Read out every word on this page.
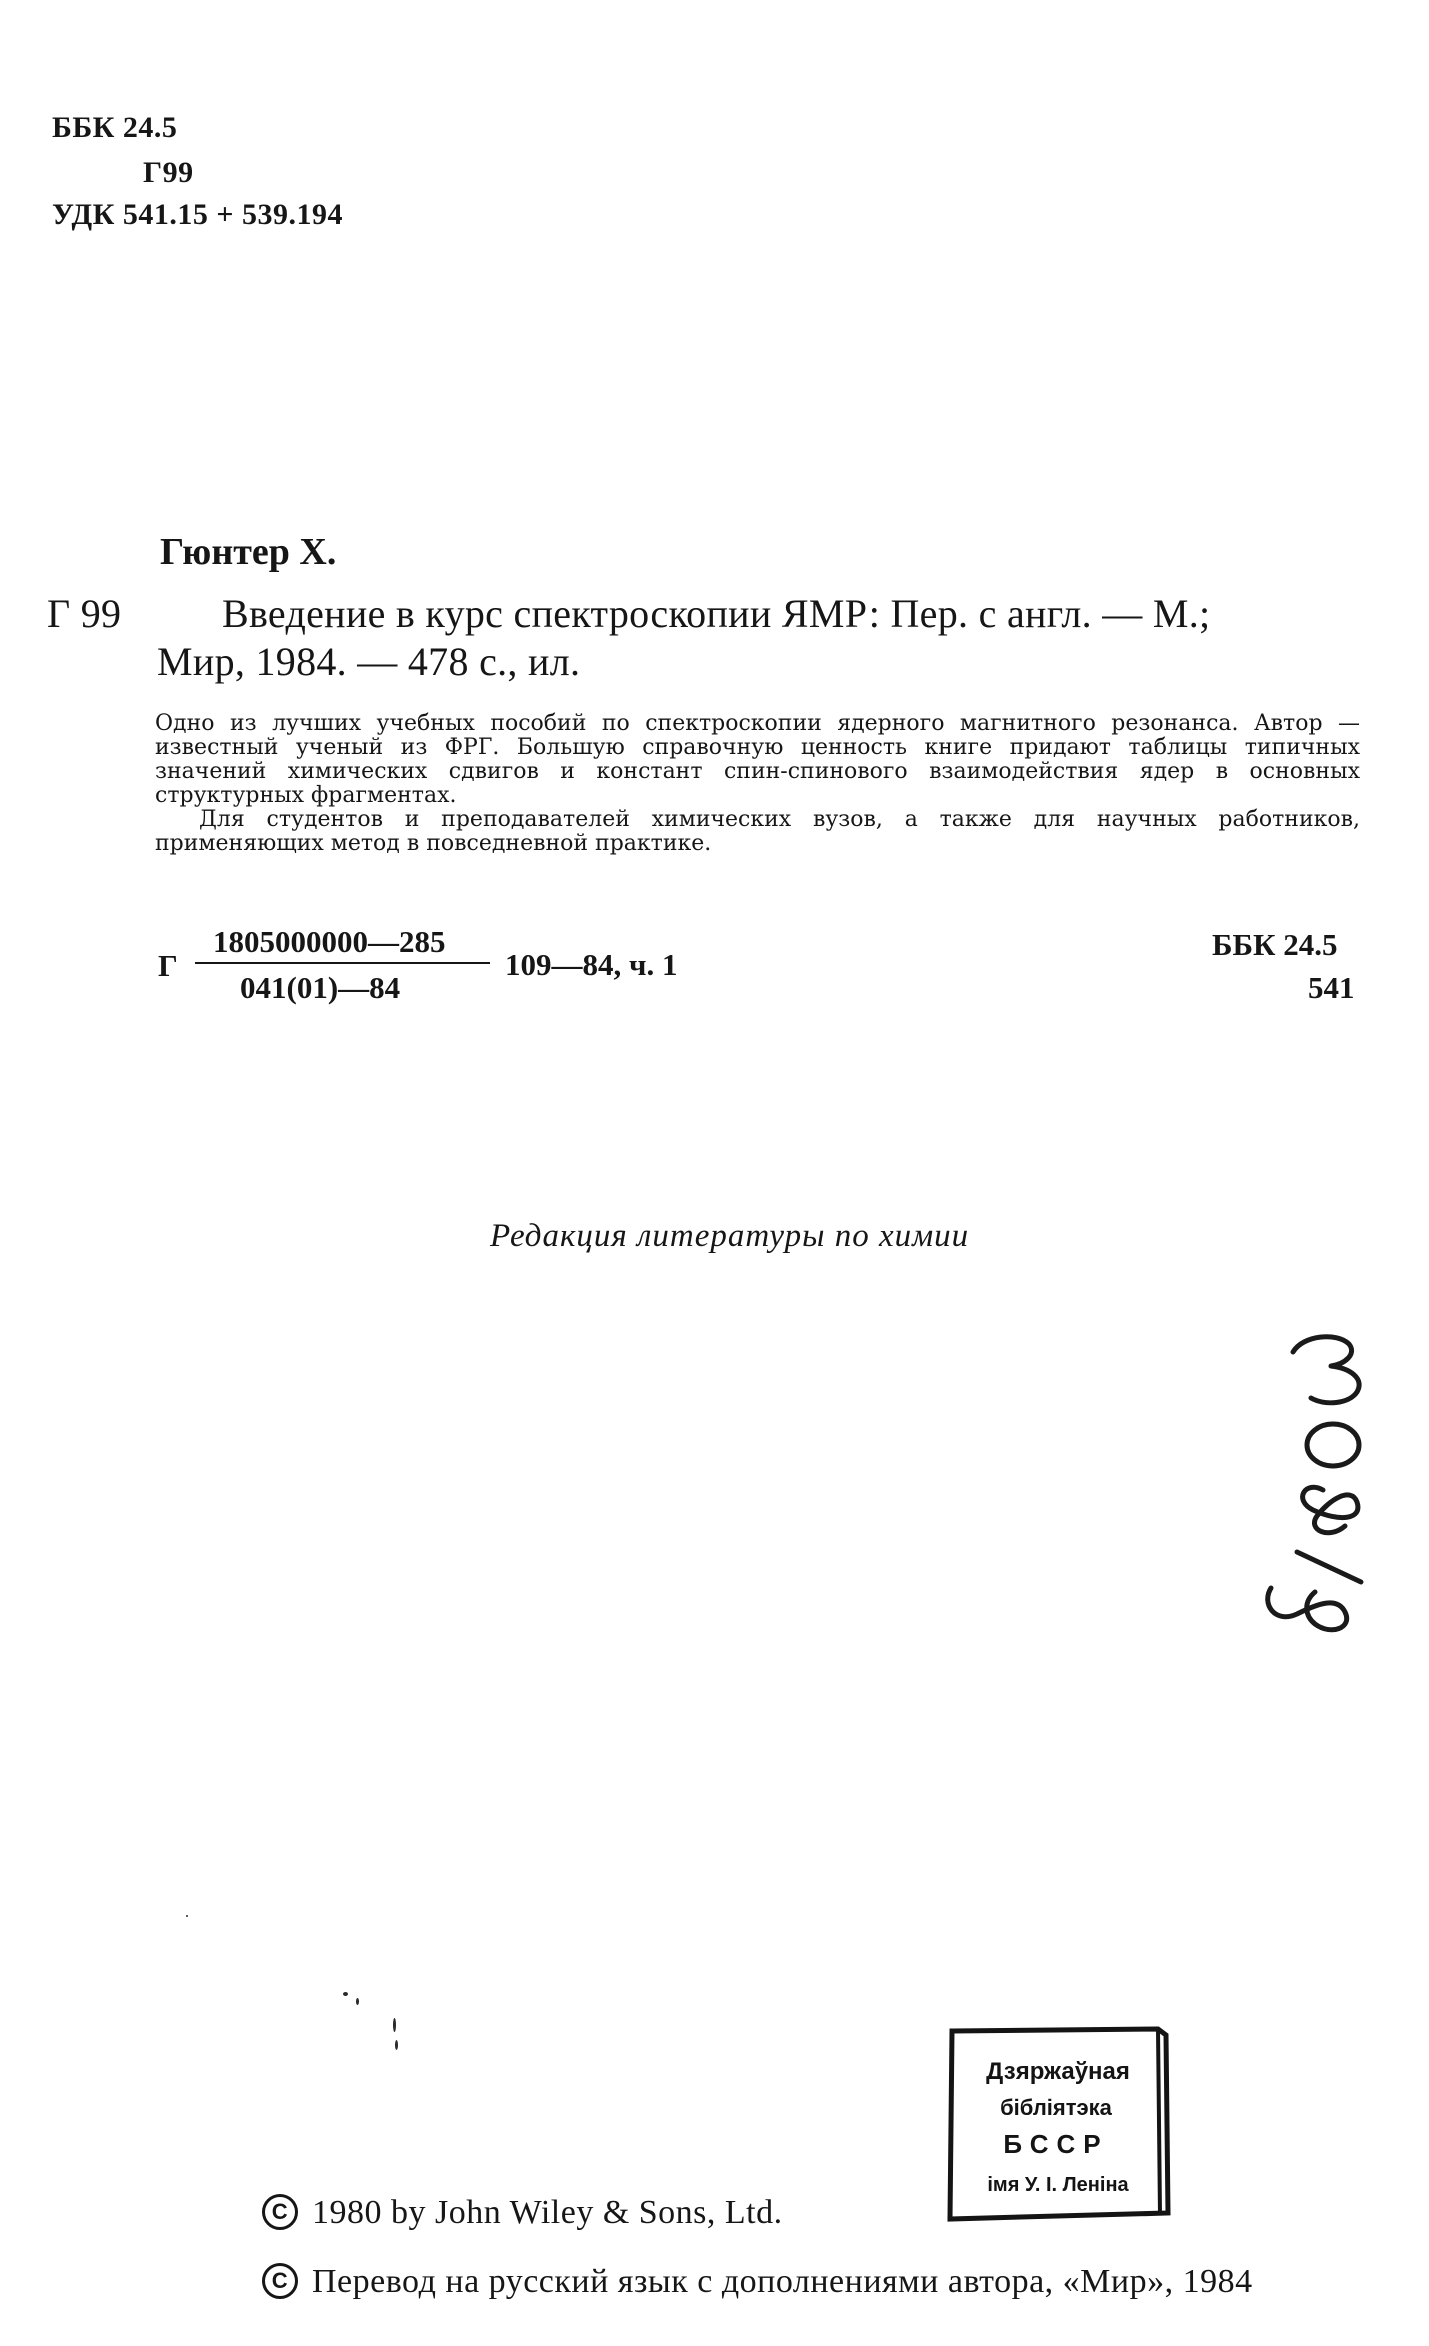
ББК 24.5
Г99
УДК 541.15 + 539.194
Гюнтер X.
Г 99	Введение в курс спектроскопии ЯМР: Пер. с англ. — М.;
Мир, 1984. — 478 с., ил.

Одно из лучших учебных пособий по спектроскопии ядерного магнитного резонанса. Автор — известный ученый из ФРГ. Большую справочную ценность книге придают таблицы типичных значений химических сдвигов и констант спин-спинового взаимодействия ядер в основных структурных фрагментах.

Для студентов и преподавателей химических вузов, а также для научных работников, применяющих метод в повседневной практике.

Г
1805000000—285
041(01)—84
109—84, ч. 1
ББК 24.5
541
Редакция литературы по химии
Дзяржаўная
бібліятэка
БССР
імя У. І. Леніна
C 1980 by John Wiley & Sons, Ltd.
C Перевод на русский язык с дополнениями автора, «Мир», 1984
